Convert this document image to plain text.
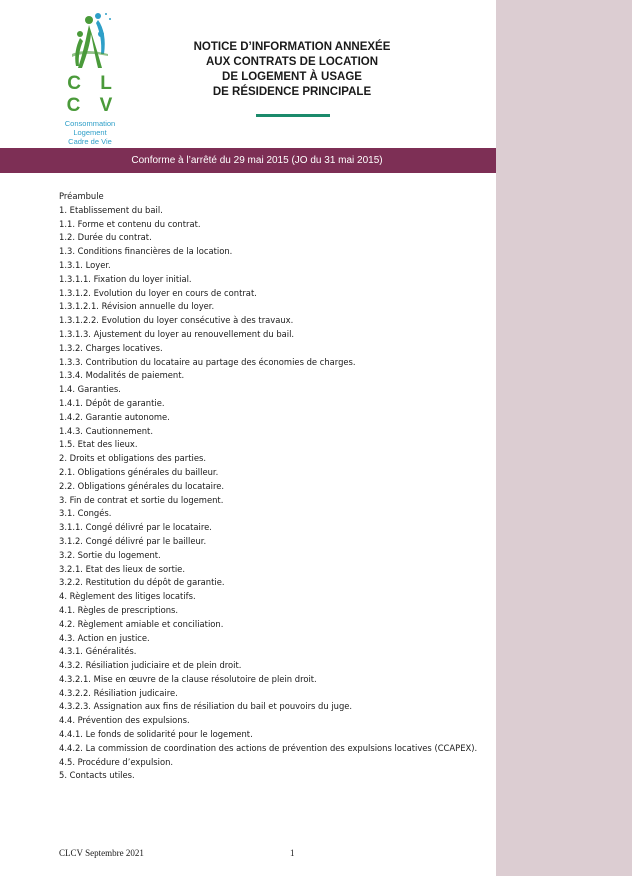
C L C V
Consommation
Logement
Cadre de Vie
NOTICE D’INFORMATION ANNEXÉE
AUX CONTRATS DE LOCATION
DE LOGEMENT À USAGE
DE RÉSIDENCE PRINCIPALE
Conforme à l’arrêté du 29 mai 2015 (JO du 31 mai 2015)
Préambule
1. Etablissement du bail.
1.1. Forme et contenu du contrat.
1.2. Durée du contrat.
1.3. Conditions financières de la location.
1.3.1. Loyer.
1.3.1.1. Fixation du loyer initial.
1.3.1.2. Evolution du loyer en cours de contrat.
1.3.1.2.1. Révision annuelle du loyer.
1.3.1.2.2. Evolution du loyer consécutive à des travaux.
1.3.1.3. Ajustement du loyer au renouvellement du bail.
1.3.2. Charges locatives.
1.3.3. Contribution du locataire au partage des économies de charges.
1.3.4. Modalités de paiement.
1.4. Garanties.
1.4.1. Dépôt de garantie.
1.4.2. Garantie autonome.
1.4.3. Cautionnement.
1.5. Etat des lieux.
2. Droits et obligations des parties.
2.1. Obligations générales du bailleur.
2.2. Obligations générales du locataire.
3. Fin de contrat et sortie du logement.
3.1. Congés.
3.1.1. Congé délivré par le locataire.
3.1.2. Congé délivré par le bailleur.
3.2. Sortie du logement.
3.2.1. Etat des lieux de sortie.
3.2.2. Restitution du dépôt de garantie.
4. Règlement des litiges locatifs.
4.1. Règles de prescriptions.
4.2. Règlement amiable et conciliation.
4.3. Action en justice.
4.3.1. Généralités.
4.3.2. Résiliation judiciaire et de plein droit.
4.3.2.1. Mise en œuvre de la clause résolutoire de plein droit.
4.3.2.2. Résiliation judicaire.
4.3.2.3. Assignation aux fins de résiliation du bail et pouvoirs du juge.
4.4. Prévention des expulsions.
4.4.1. Le fonds de solidarité pour le logement.
4.4.2. La commission de coordination des actions de prévention des expulsions locatives (CCAPEX).
4.5. Procédure d’expulsion.
5. Contacts utiles.
CLCV Septembre 2021	1
